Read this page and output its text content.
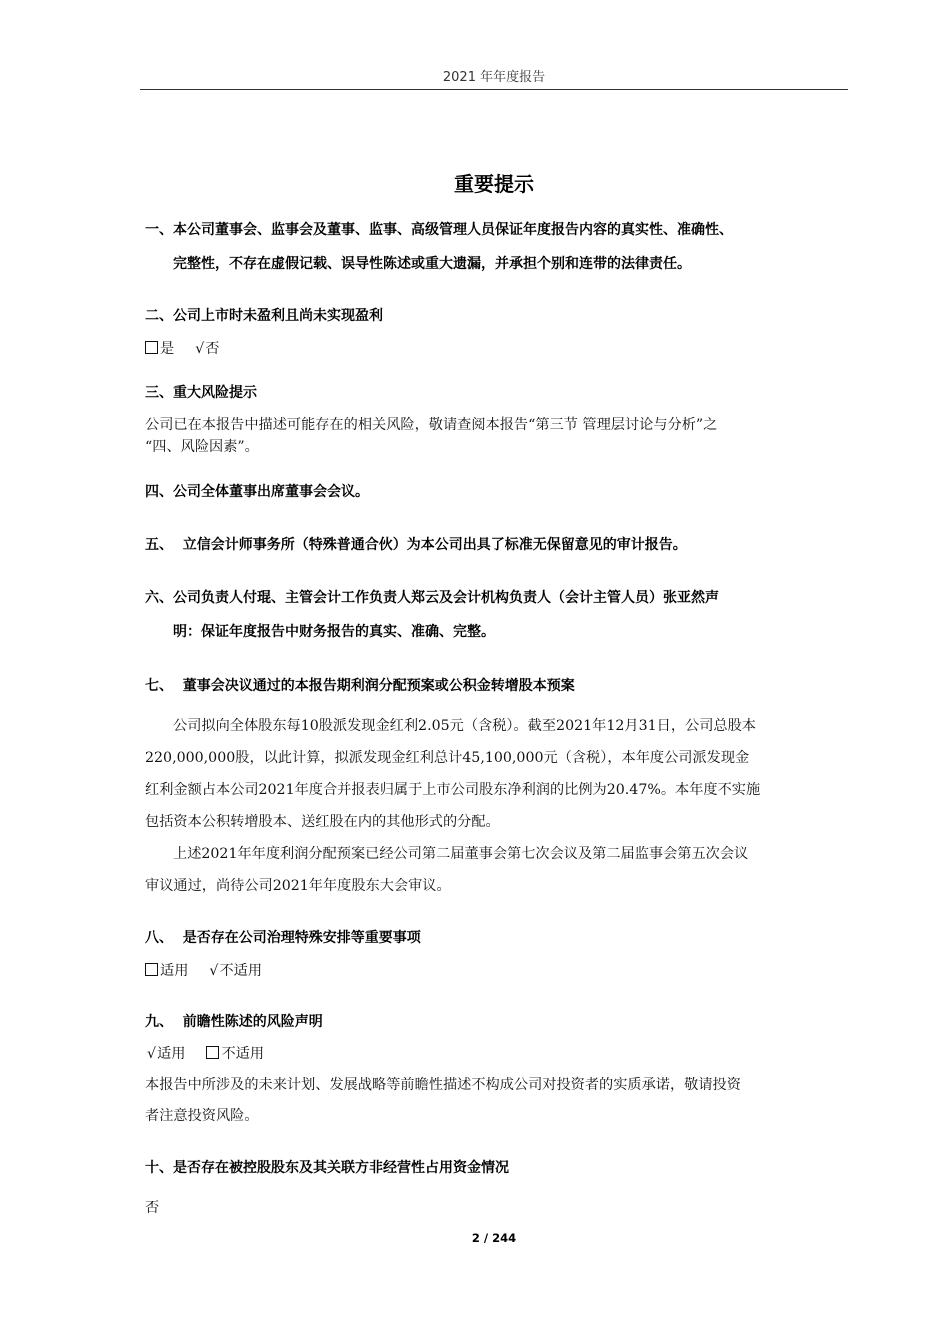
2021 年年度报告
重要提示
一、本公司董事会、监事会及董事、监事、高级管理人员保证年度报告内容的真实性、准确性、
完整性，不存在虚假记载、误导性陈述或重大遗漏，并承担个别和连带的法律责任。
二、公司上市时未盈利且尚未实现盈利
是 √否
三、重大风险提示
公司已在本报告中描述可能存在的相关风险，敬请查阅本报告“第三节 管理层讨论与分析”之
“四、风险因素”。
四、公司全体董事出席董事会会议。
五、  立信会计师事务所（特殊普通合伙）为本公司出具了标准无保留意见的审计报告。
六、公司负责人付琨、主管会计工作负责人郑云及会计机构负责人（会计主管人员）张亚然声
明：保证年度报告中财务报告的真实、准确、完整。
七、  董事会决议通过的本报告期利润分配预案或公积金转增股本预案
公司拟向全体股东每10股派发现金红利2.05元（含税）。截至2021年12月31日，公司总股本
220,000,000股，以此计算，拟派发现金红利总计45,100,000元（含税），本年度公司派发现金
红利金额占本公司2021年度合并报表归属于上市公司股东净利润的比例为20.47%。本年度不实施
包括资本公积转增股本、送红股在内的其他形式的分配。
上述2021年年度利润分配预案已经公司第二届董事会第七次会议及第二届监事会第五次会议
审议通过，尚待公司2021年年度股东大会审议。
八、  是否存在公司治理特殊安排等重要事项
适用 √不适用
九、  前瞻性陈述的风险声明
√适用	不适用
本报告中所涉及的未来计划、发展战略等前瞻性描述不构成公司对投资者的实质承诺，敬请投资
者注意投资风险。
十、是否存在被控股股东及其关联方非经营性占用资金情况
否
2 / 244
